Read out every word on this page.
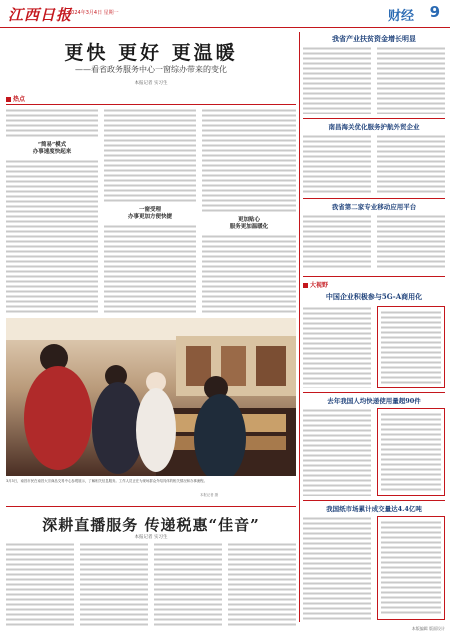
江西日报
2024年3月4日 星期一	财经 9
更快 更好 更温暖
——看省政务服务中心一窗综办带来的变化
本报记者 实习生
热点
“简易”模式
办事速度快起来
一窗受理
办事更加方便快捷	更加贴心
服务更加温暖化
我省产业扶贫资金增长明显
南昌海关优化服务护航外贸企业
我省第二家专业移动应用平台
大视野
中国企业积极参与5G-A商用化
去年我国人均快递使用量超90件
我国纸市场累计成交量达4.4亿吨
3月3日，南昌市民在南昌大宗商品交易中心参观展示，了解相关信息服务。工作人员正在为现场群众介绍具体的相关情况和办事流程。
本报记者 摄
深耕直播服务 传递税惠“佳音”
本报记者 实习生
本版编辑 版面设计
